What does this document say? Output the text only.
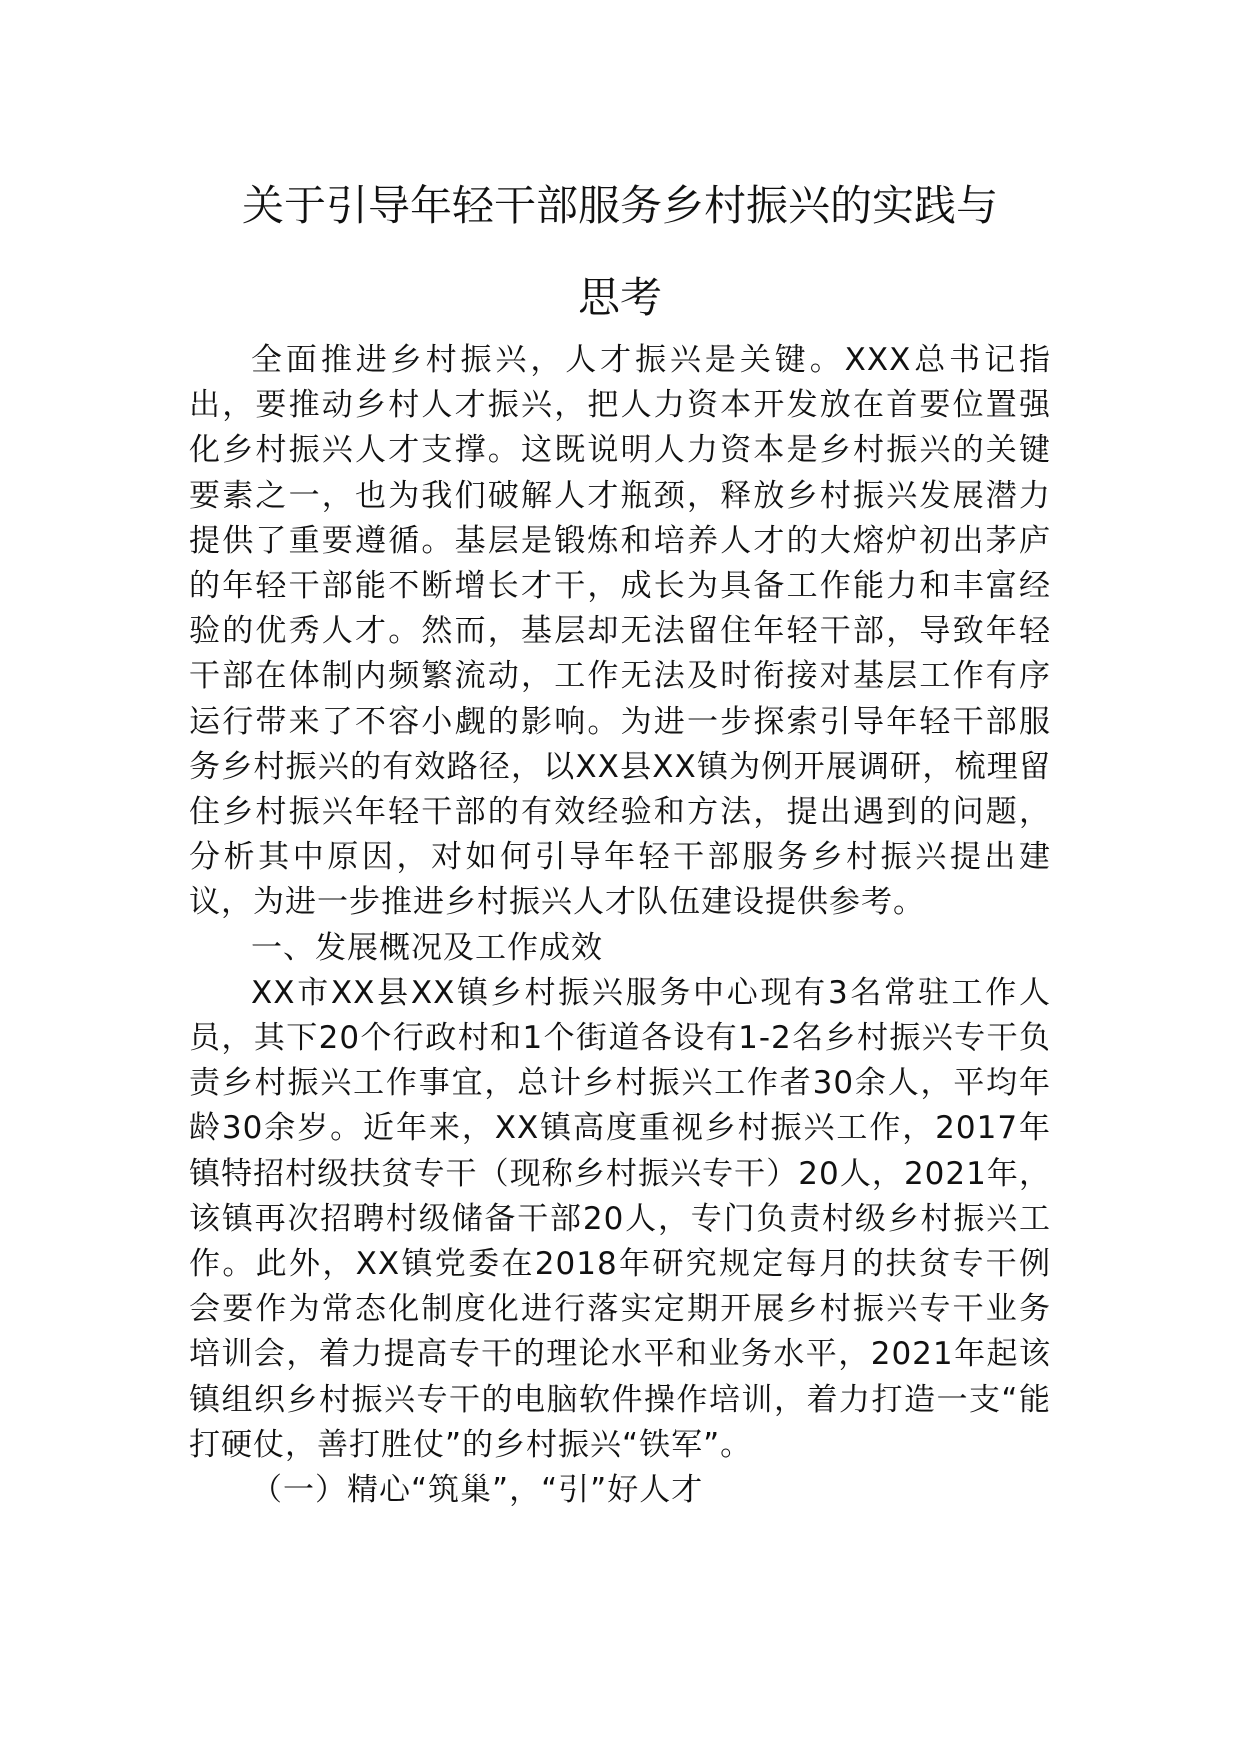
关于引导年轻干部服务乡村振兴的实践与
思考

全面推进乡村振兴，人才振兴是关键。XXX总书记指出，要推动乡村人才振兴，把人力资本开发放在首要位置强化乡村振兴人才支撑。这既说明人力资本是乡村振兴的关键要素之一，也为我们破解人才瓶颈，释放乡村振兴发展潜力提供了重要遵循。基层是锻炼和培养人才的大熔炉初出茅庐的年轻干部能不断增长才干，成长为具备工作能力和丰富经验的优秀人才。然而，基层却无法留住年轻干部，导致年轻干部在体制内频繁流动，工作无法及时衔接对基层工作有序运行带来了不容小觑的影响。为进一步探索引导年轻干部服务乡村振兴的有效路径，以XX县XX镇为例开展调研，梳理留住乡村振兴年轻干部的有效经验和方法，提出遇到的问题，分析其中原因，对如何引导年轻干部服务乡村振兴提出建议，为进一步推进乡村振兴人才队伍建设提供参考。

一、发展概况及工作成效

XX市XX县XX镇乡村振兴服务中心现有3名常驻工作人员，其下20个行政村和1个街道各设有1-2名乡村振兴专干负责乡村振兴工作事宜，总计乡村振兴工作者30余人，平均年龄30余岁。近年来，XX镇高度重视乡村振兴工作，2017年镇特招村级扶贫专干（现称乡村振兴专干）20人，2021年，该镇再次招聘村级储备干部20人，专门负责村级乡村振兴工作。此外，XX镇党委在2018年研究规定每月的扶贫专干例会要作为常态化制度化进行落实定期开展乡村振兴专干业务培训会，着力提高专干的理论水平和业务水平，2021年起该镇组织乡村振兴专干的电脑软件操作培训，着力打造一支“能打硬仗，善打胜仗”的乡村振兴“铁军”。

（一）精心“筑巢”，“引”好人才
